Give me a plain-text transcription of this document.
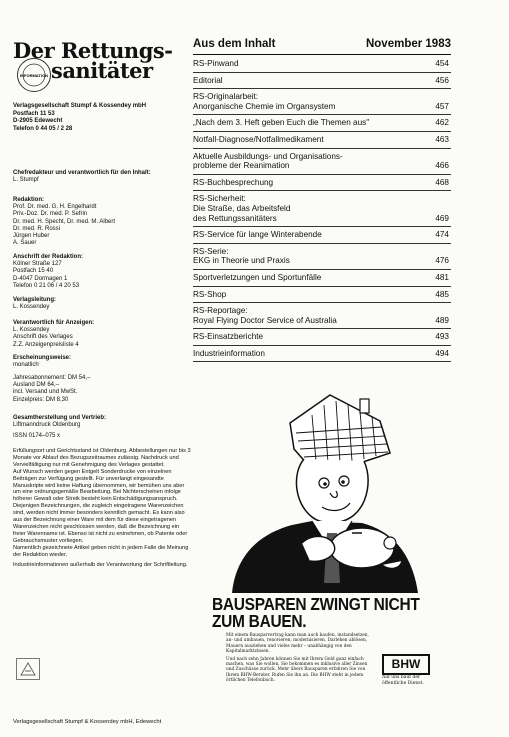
Der Rettungs-
INFORMATION sanitäter
Verlagsgesellschaft Stumpf & Kossendey mbH
Postfach 11 53
D-2905 Edewecht
Telefon 0 44 05 / 2 28
Chefredakteur und verantwortlich für den Inhalt:
L. Stumpf
Redaktion:
Prof. Dr. med. G. H. Engelhardt
Priv.-Doz. Dr. med. P. Sefrin
Dr. med. H. Specht, Dr. med. M. Albert
Dr. med. R. Rossi
Jürgen Huber
A. Sauer
Anschrift der Redaktion:
Kölner Straße 127
Postfach 15 40
D-4047 Dormagen 1
Telefon 0 21 06 / 4 20 53
Verlagsleitung:
L. Kossendey
Verantwortlich für Anzeigen:
L. Kossendey
Anschrift des Verlages
Z.Z. Anzeigenpreisliste 4
Erscheinungsweise:
monatlich
Jahresabonnement: DM 54,–
Ausland DM 64,–
incl. Versand und MwSt.
Einzelpreis: DM 8,30
Gesamtherstellung und Vertrieb:
Liftmanndruck Oldenburg
ISSN 0174–075 x

Erfüllungsort und Gerichtsstand ist Oldenburg. Abbestellungen nur bis 3 Monate vor Ablauf des Bezugszeitraumes zulässig. Nachdruck und Vervielfältigung nur mit Genehmigung des Verlages gestattet.

Auf Wunsch werden gegen Entgelt Sonderdrucke von einzelnen Beiträgen zur Verfügung gestellt. Für unverlangt eingesandte Manuskripte wird keine Haftung übernommen, wir bemühen uns aber um eine ordnungsgemäße Bearbeitung. Bei Nichterscheinen infolge höherer Gewalt oder Streik besteht kein Entschädigungsanspruch.

Diejenigen Bezeichnungen, die zugleich eingetragene Warenzeichen sind, werden nicht immer besonders kenntlich gemacht. Es kann also aus der Bezeichnung einer Ware mit dem für diese eingetragenen Warenzeichen nicht geschlossen werden, daß die Bezeichnung ein freier Warenname ist. Ebenso ist nicht zu entnehmen, ob Patente oder Gebrauchsmuster vorliegen.

Namentlich gezeichnete Artikel geben nicht in jedem Falle die Meinung der Redaktion wieder.

Industrieinformationen außerhalb der Verantwortung der Schriftleitung.

Verlagsgesellschaft Stumpf & Kossendey mbH, Edewecht
Aus dem Inhalt	November 1983
RS-Pinwand	454
Editorial	456
RS-Originalarbeit:
Anorganische Chemie im Organsystem	457
„Nach dem 3. Heft geben Euch die Themen aus"	462
Notfall-Diagnose/Notfallmedikament	463
Aktuelle Ausbildungs- und Organisations-
probleme der Reanimation	466
RS-Buchbesprechung	468
RS-Sicherheit:
Die Straße, das Arbeitsfeld
des Rettungssanitäters	469
RS-Service für lange Winterabende	474
RS-Serie:
EKG in Theorie und Praxis	476
Sportverletzungen und Sportunfälle	481
RS-Shop	485
RS-Reportage:
Royal Flying Doctor Service of Australia	489
RS-Einsatzberichte	493
Industrieinformation	494
BAUSPAREN ZWINGT NICHT ZUM BAUEN.

Mit einem Bausparvertrag kann man auch kaufen, instandsetzen, an- und umbauen, renovieren, modernisieren, Darlehen ablösen, Mauern ausziehen und vieles mehr – unabhängig von den Kapitalmarktzinsen.

Und nach zehn Jahren können Sie mit Ihrem Geld ganz einfach machen, was Sie wollen. Sie bekommen es inklusive aller Zinsen und Zuschüsse zurück. Mehr übers Bausparen erfahren Sie von Ihrem BHW-Berater. Rufen Sie ihn an. Die BHW steht in jedem örtlichen Telefonbuch.

BHW
Auf uns baut der öffentliche Dienst.
